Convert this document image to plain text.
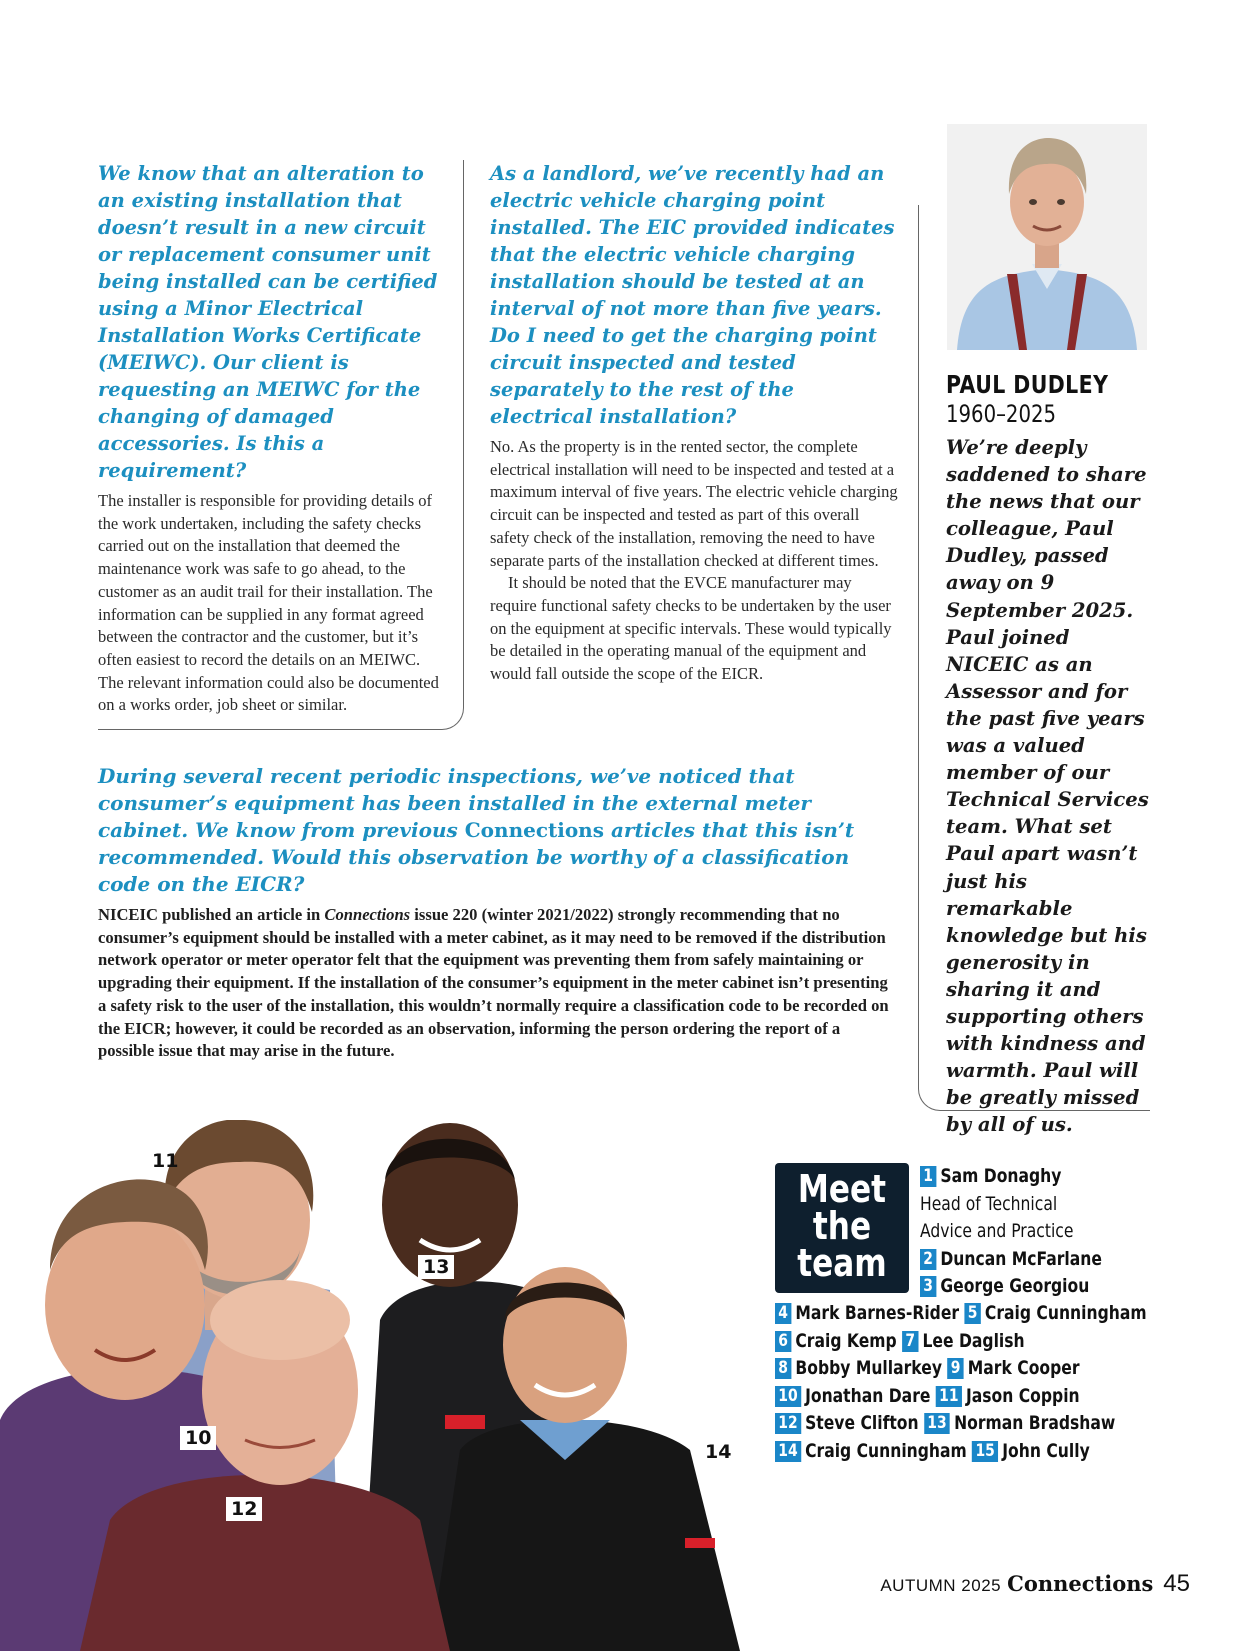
We know that an alteration to an existing installation that doesn’t result in a new circuit or replacement consumer unit being installed can be certified using a Minor Electrical Installation Works Certificate (MEIWC). Our client is requesting an MEIWC for the changing of damaged accessories. Is this a requirement?

The installer is responsible for providing details of the work undertaken, including the safety checks carried out on the installation that deemed the maintenance work was safe to go ahead, to the customer as an audit trail for their installation. The information can be supplied in any format agreed between the contractor and the customer, but it’s often easiest to record the details on an MEIWC. The relevant information could also be documented on a works order, job sheet or similar.

As a landlord, we’ve recently had an electric vehicle charging point installed. The EIC provided indicates that the electric vehicle charging installation should be tested at an interval of not more than five years. Do I need to get the charging point circuit inspected and tested separately to the rest of the electrical installation?

No. As the property is in the rented sector, the complete electrical installation will need to be inspected and tested at a maximum interval of five years. The electric vehicle charging circuit can be inspected and tested as part of this overall safety check of the installation, removing the need to have separate parts of the installation checked at different times.

It should be noted that the EVCE manufacturer may require functional safety checks to be undertaken by the user on the equipment at specific intervals. These would typically be detailed in the operating manual of the equipment and would fall outside the scope of the EICR.

During several recent periodic inspections, we’ve noticed that consumer’s equipment has been installed in the external meter cabinet. We know from previous Connections articles that this isn’t recommended. Would this observation be worthy of a classification code on the EICR?

NICEIC published an article in Connections issue 220 (winter 2021/2022) strongly recommending that no consumer’s equipment should be installed with a meter cabinet, as it may need to be removed if the distribution network operator or meter operator felt that the equipment was preventing them from safely maintaining or upgrading their equipment. If the installation of the consumer’s equipment in the meter cabinet isn’t presenting a safety risk to the user of the installation, this wouldn’t normally require a classification code to be recorded on the EICR; however, it could be recorded as an observation, informing the person ordering the report of a possible issue that may arise in the future.

PAUL DUDLEY
1960–2025
We’re deeply saddened to share the news that our colleague, Paul Dudley, passed away on 9 September 2025. Paul joined NICEIC as an Assessor and for the past five years was a valued member of our Technical Services team. What set Paul apart wasn’t just his remarkable knowledge but his generosity in sharing it and supporting others with kindness and warmth. Paul will be greatly missed by all of us.
11
13
10
14
12
Meet
the
team
1 Sam Donaghy
Head of Technical
Advice and Practice
2 Duncan McFarlane
3 George Georgiou
4 Mark Barnes-Rider 5 Craig Cunningham
6 Craig Kemp 7 Lee Daglish
8 Bobby Mullarkey 9 Mark Cooper
10 Jonathan Dare 11 Jason Coppin
12 Steve Clifton 13 Norman Bradshaw
14 Craig Cunningham 15 John Cully
AUTUMN 2025 Connections 45
